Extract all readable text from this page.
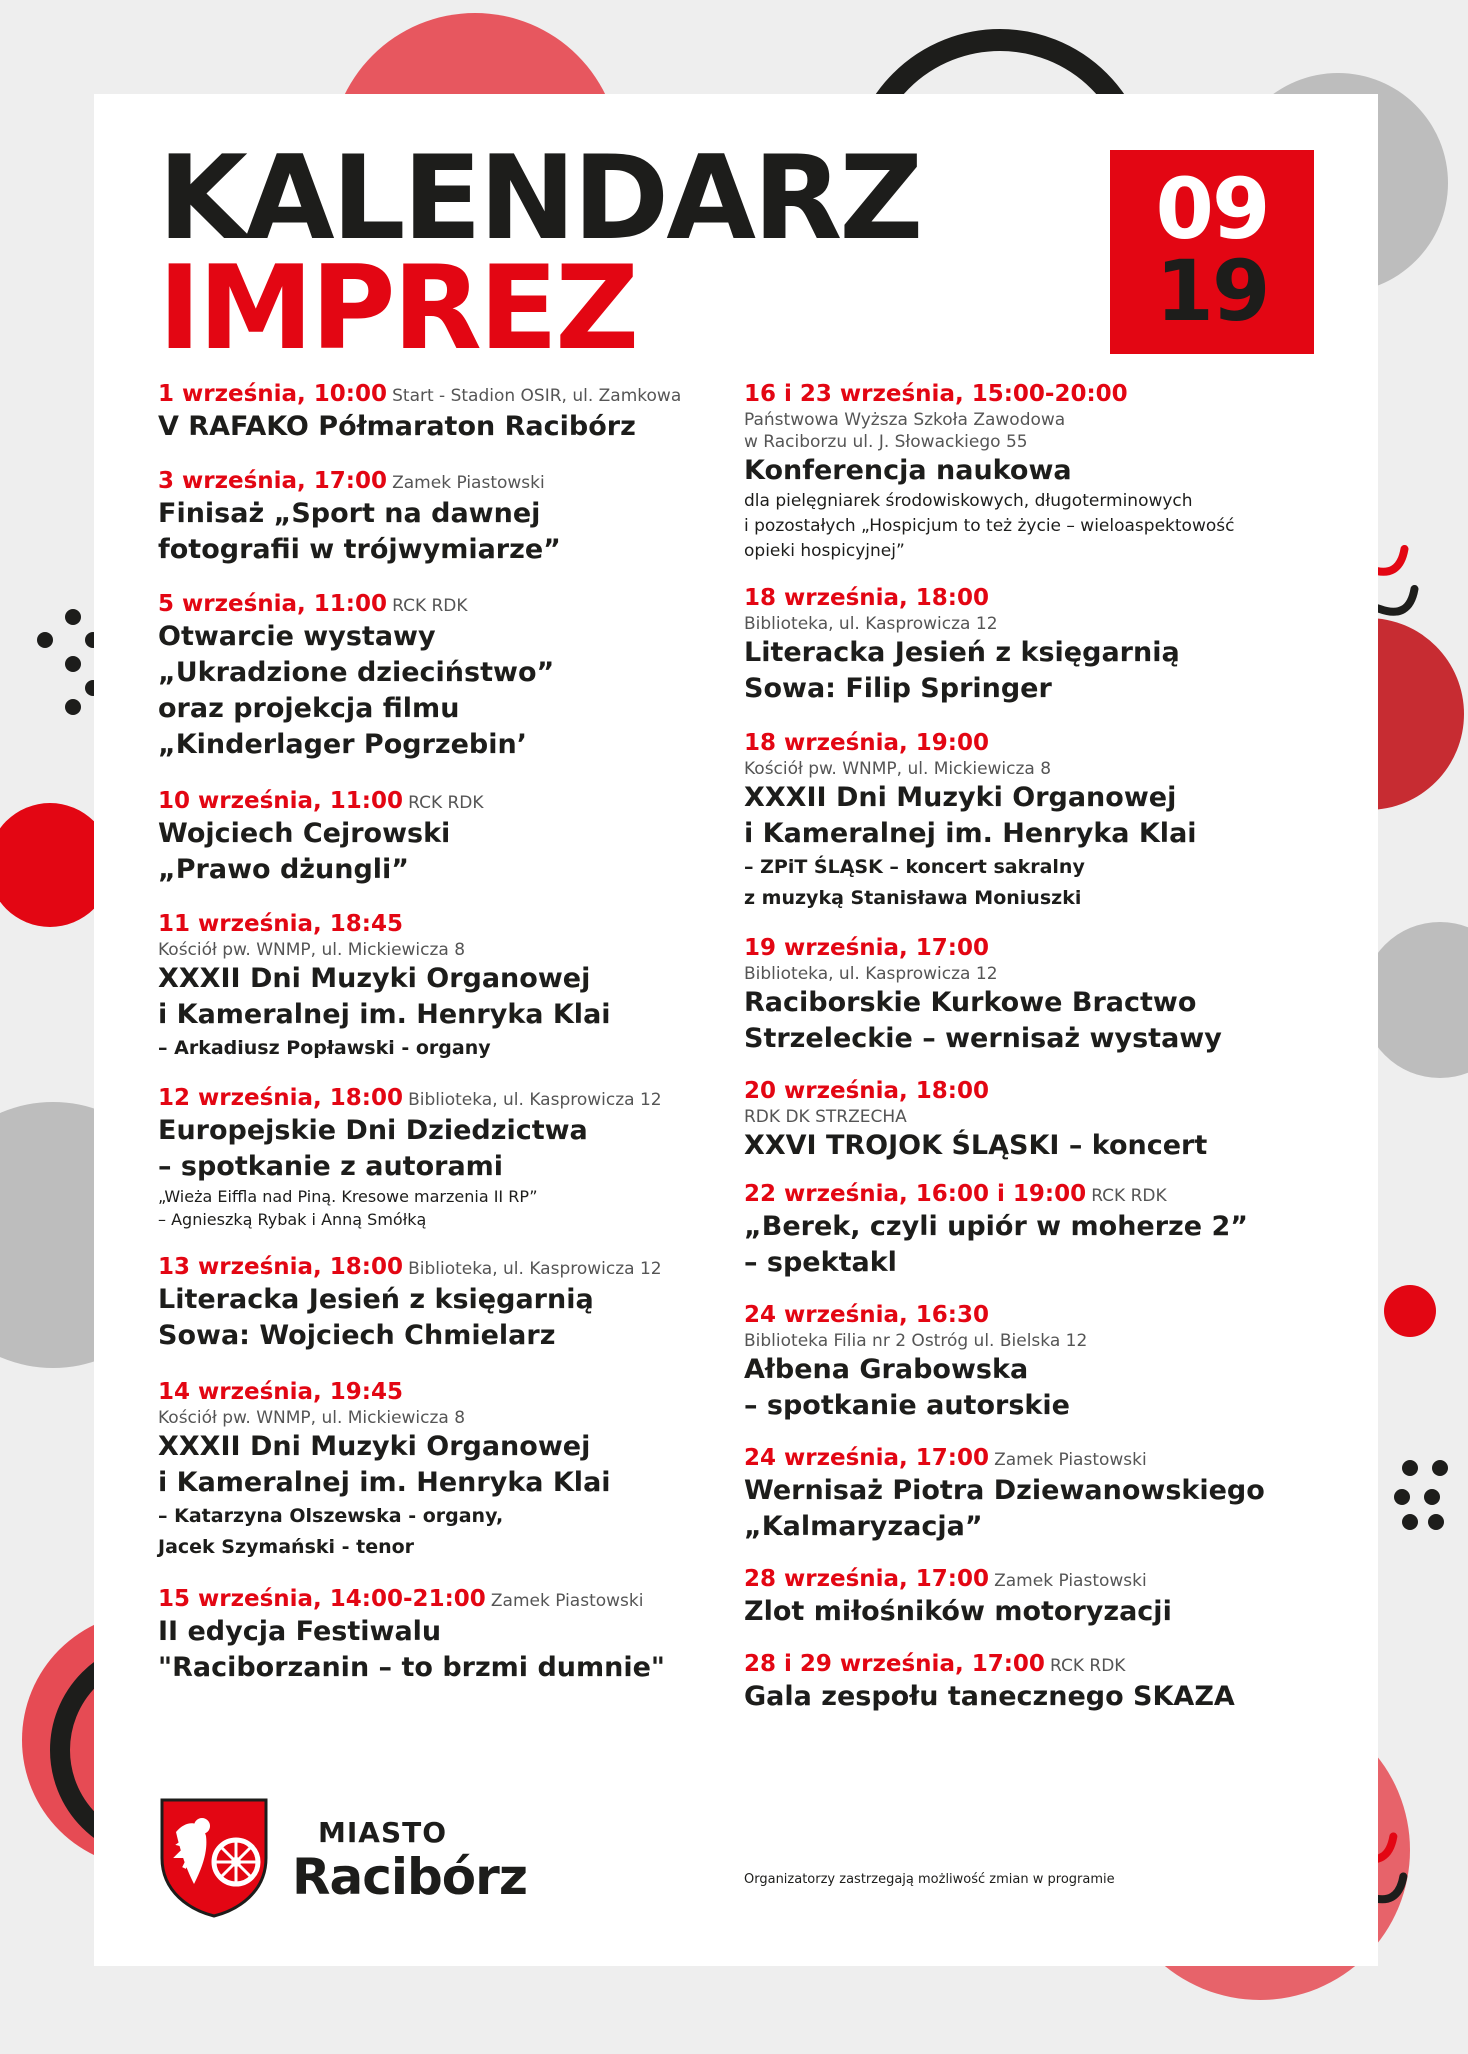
KALENDARZ
IMPREZ
09
19
1 września, 10:00 Start - Stadion OSIR, ul. Zamkowa
V RAFAKO Półmaraton Racibórz
3 września, 17:00 Zamek Piastowski
Finisaż „Sport na dawnej
fotografii w trójwymiarze”
5 września, 11:00 RCK RDK
Otwarcie wystawy
„Ukradzione dzieciństwo”
oraz projekcja filmu
„Kinderlager Pogrzebin’
10 września, 11:00 RCK RDK
Wojciech Cejrowski
„Prawo dżungli”
11 września, 18:45
Kościół pw. WNMP, ul. Mickiewicza 8
XXXII Dni Muzyki Organowej
i Kameralnej im. Henryka Klai
– Arkadiusz Popławski - organy
12 września, 18:00 Biblioteka, ul. Kasprowicza 12
Europejskie Dni Dziedzictwa
– spotkanie z autorami
„Wieża Eiffla nad Piną. Kresowe marzenia II RP”
– Agnieszką Rybak i Anną Smółką
13 września, 18:00 Biblioteka, ul. Kasprowicza 12
Literacka Jesień z księgarnią
Sowa: Wojciech Chmielarz
14 września, 19:45
Kościół pw. WNMP, ul. Mickiewicza 8
XXXII Dni Muzyki Organowej
i Kameralnej im. Henryka Klai
– Katarzyna Olszewska - organy,
Jacek Szymański - tenor
15 września, 14:00-21:00 Zamek Piastowski
II edycja Festiwalu
"Raciborzanin – to brzmi dumnie"
16 i 23 września, 15:00-20:00
Państwowa Wyższa Szkoła Zawodowa
w Raciborzu ul. J. Słowackiego 55
Konferencja naukowa
dla pielęgniarek środowiskowych, długoterminowych
i pozostałych „Hospicjum to też życie – wieloaspektowość
opieki hospicyjnej”
18 września, 18:00
Biblioteka, ul. Kasprowicza 12
Literacka Jesień z księgarnią
Sowa: Filip Springer
18 września, 19:00
Kościół pw. WNMP, ul. Mickiewicza 8
XXXII Dni Muzyki Organowej
i Kameralnej im. Henryka Klai
– ZPiT ŚLĄSK – koncert sakralny
z muzyką Stanisława Moniuszki
19 września, 17:00
Biblioteka, ul. Kasprowicza 12
Raciborskie Kurkowe Bractwo
Strzeleckie – wernisaż wystawy
20 września, 18:00
RDK DK STRZECHA
XXVI TROJOK ŚLĄSKI – koncert
22 września, 16:00 i 19:00 RCK RDK
„Berek, czyli upiór w moherze 2”
– spektakl
24 września, 16:30
Biblioteka Filia nr 2 Ostróg ul. Bielska 12
Ałbena Grabowska
– spotkanie autorskie
24 września, 17:00 Zamek Piastowski
Wernisaż Piotra Dziewanowskiego
„Kalmaryzacja”
28 września, 17:00 Zamek Piastowski
Zlot miłośników motoryzacji
28 i 29 września, 17:00 RCK RDK
Gala zespołu tanecznego SKAZA
MIASTO
Racibórz	Organizatorzy zastrzegają możliwość zmian w programie
